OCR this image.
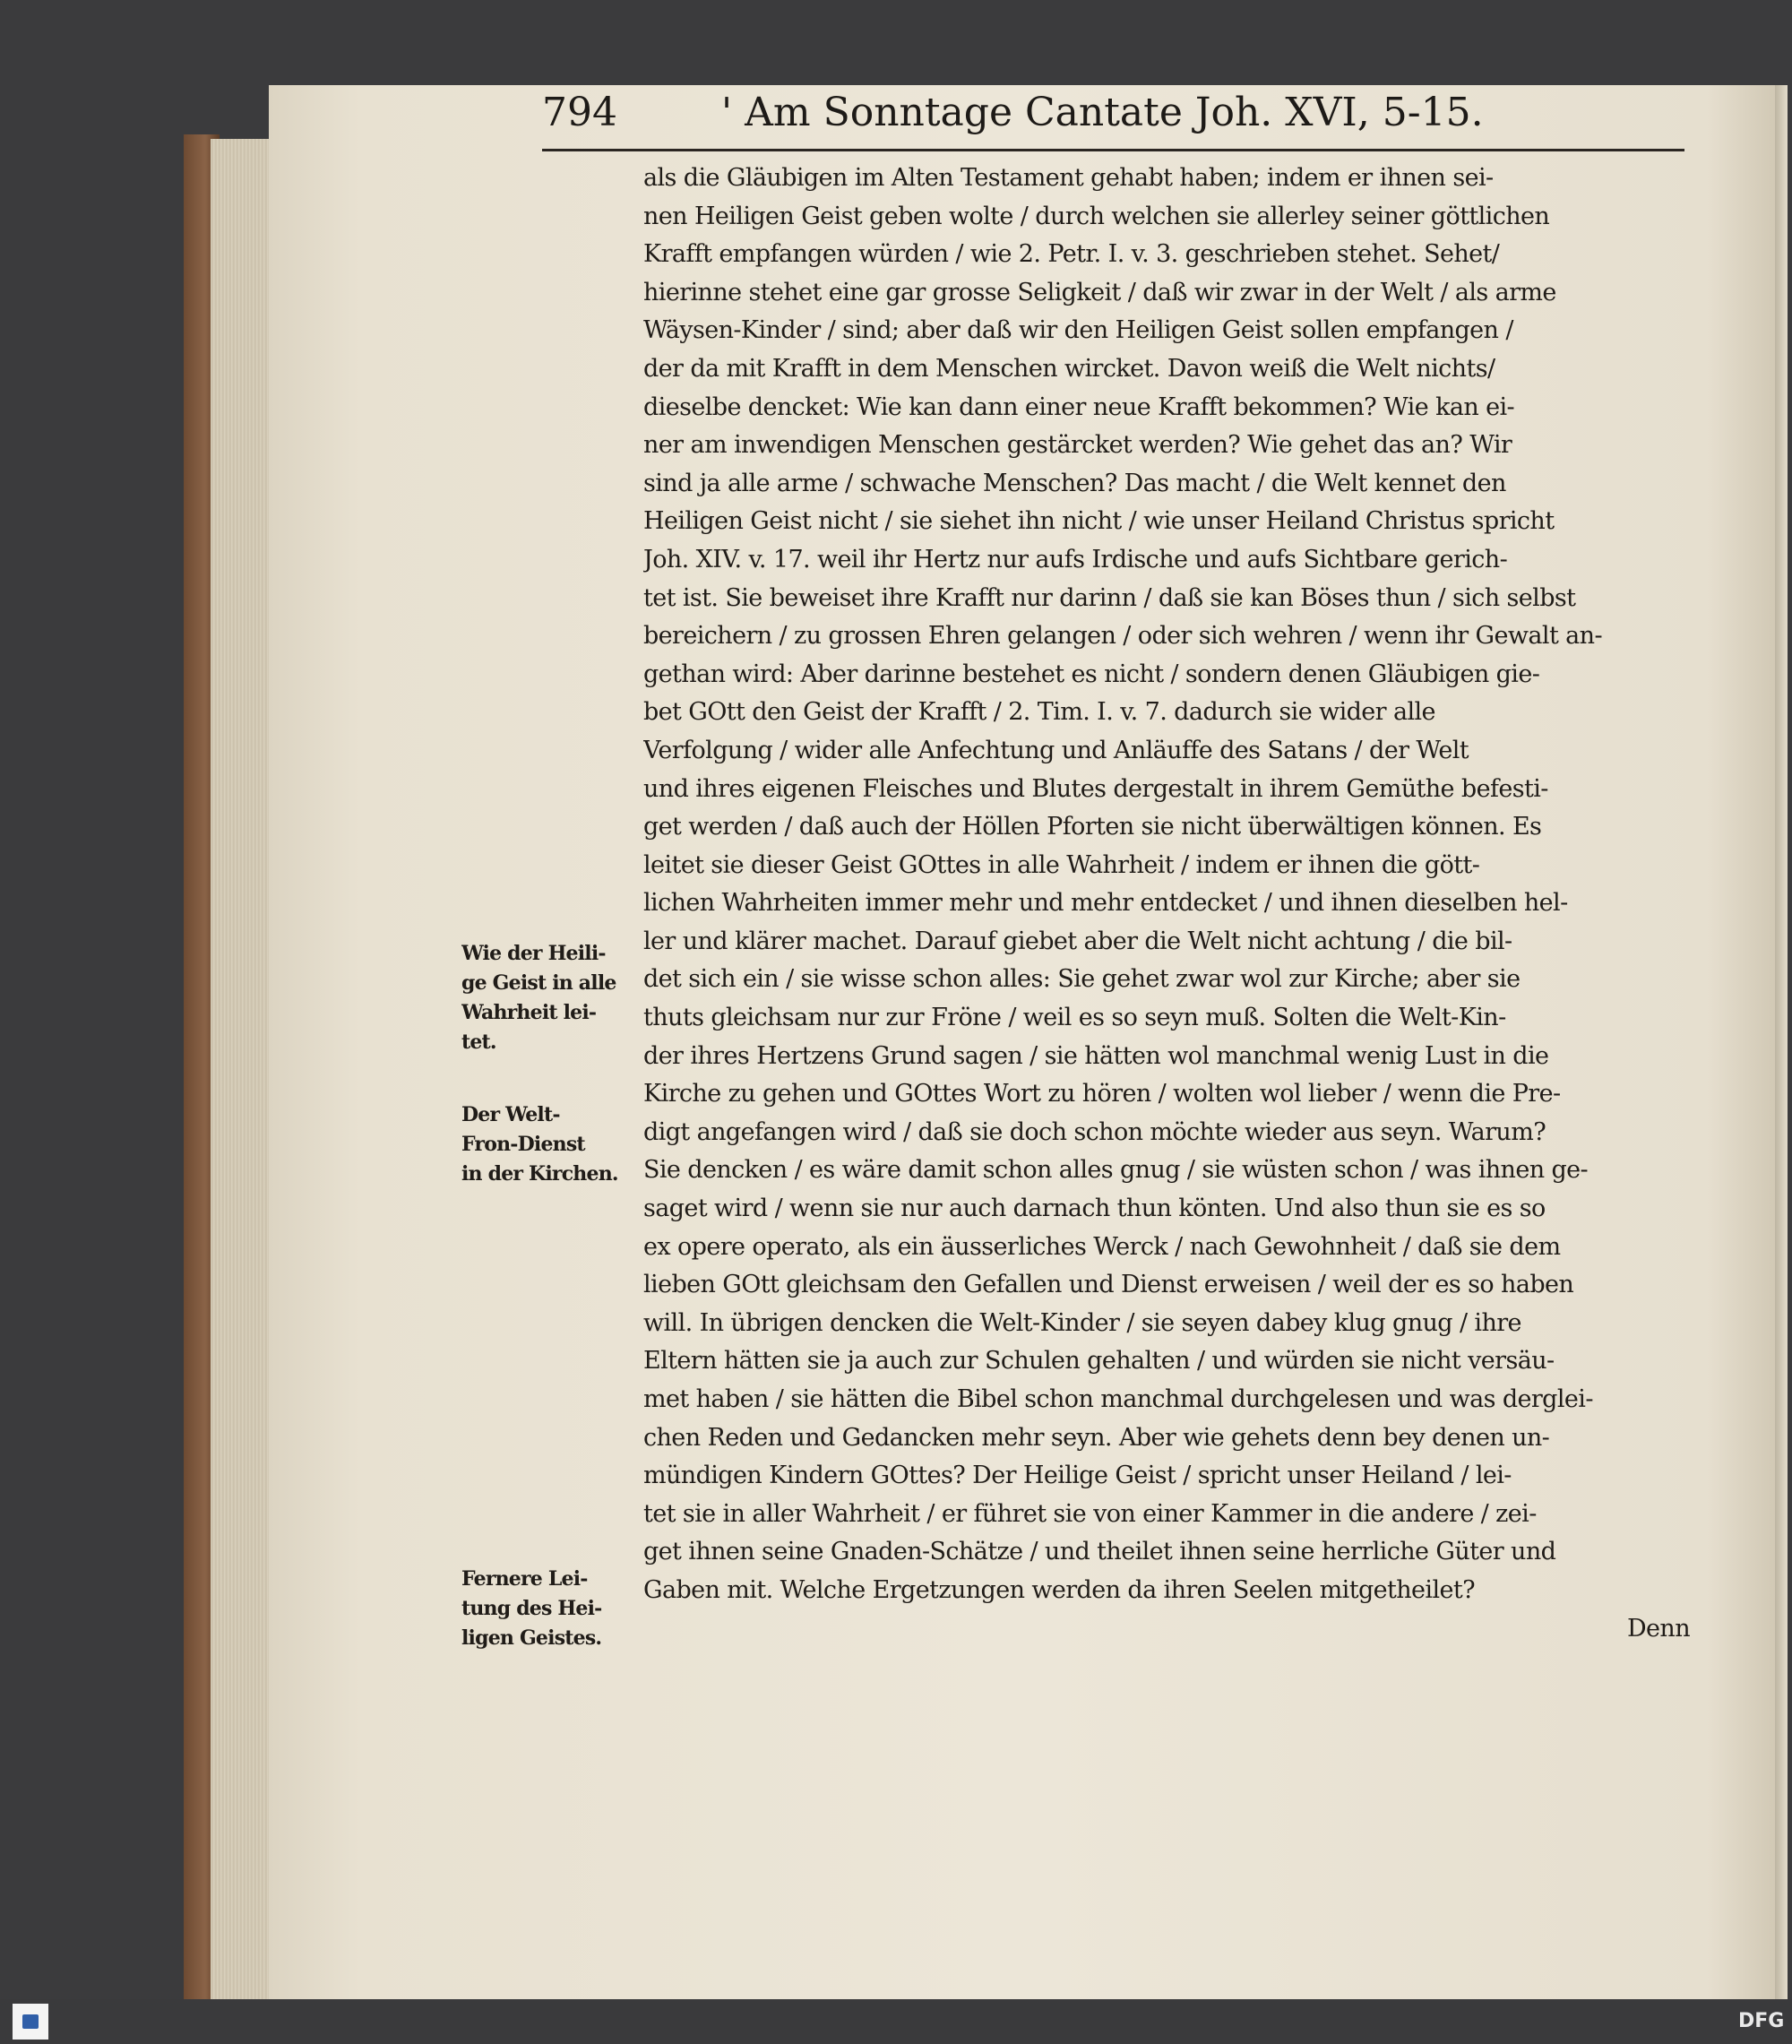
794	' Am Sonntage Cantate Joh. XVI, 5-15.
als die Gläubigen im Alten Testament gehabt haben; indem er ihnen sei-
nen Heiligen Geist geben wolte / durch welchen sie allerley seiner göttlichen
Krafft empfangen würden / wie 2. Petr. I. v. 3. geschrieben stehet. Sehet/
hierinne stehet eine gar grosse Seligkeit / daß wir zwar in der Welt / als arme
Wäysen-Kinder / sind; aber daß wir den Heiligen Geist sollen empfangen /
der da mit Krafft in dem Menschen wircket. Davon weiß die Welt nichts/
dieselbe dencket: Wie kan dann einer neue Krafft bekommen? Wie kan ei-
ner am inwendigen Menschen gestärcket werden? Wie gehet das an? Wir
sind ja alle arme / schwache Menschen? Das macht / die Welt kennet den
Heiligen Geist nicht / sie siehet ihn nicht / wie unser Heiland Christus spricht
Joh. XIV. v. 17. weil ihr Hertz nur aufs Irdische und aufs Sichtbare gerich-
tet ist. Sie beweiset ihre Krafft nur darinn / daß sie kan Böses thun / sich selbst
bereichern / zu grossen Ehren gelangen / oder sich wehren / wenn ihr Gewalt an-
gethan wird: Aber darinne bestehet es nicht / sondern denen Gläubigen gie-
bet GOtt den Geist der Krafft / 2. Tim. I. v. 7. dadurch sie wider alle
Verfolgung / wider alle Anfechtung und Anläuffe des Satans / der Welt
und ihres eigenen Fleisches und Blutes dergestalt in ihrem Gemüthe befesti-
get werden / daß auch der Höllen Pforten sie nicht überwältigen können. Es
leitet sie dieser Geist GOttes in alle Wahrheit / indem er ihnen die gött-
lichen Wahrheiten immer mehr und mehr entdecket / und ihnen dieselben hel-
ler und klärer machet. Darauf giebet aber die Welt nicht achtung / die bil-
det sich ein / sie wisse schon alles: Sie gehet zwar wol zur Kirche; aber sie
thuts gleichsam nur zur Fröne / weil es so seyn muß. Solten die Welt-Kin-
der ihres Hertzens Grund sagen / sie hätten wol manchmal wenig Lust in die
Kirche zu gehen und GOttes Wort zu hören / wolten wol lieber / wenn die Pre-
digt angefangen wird / daß sie doch schon möchte wieder aus seyn. Warum?
Sie dencken / es wäre damit schon alles gnug / sie wüsten schon / was ihnen ge-
saget wird / wenn sie nur auch darnach thun könten. Und also thun sie es so
ex opere operato, als ein äusserliches Werck / nach Gewohnheit / daß sie dem
lieben GOtt gleichsam den Gefallen und Dienst erweisen / weil der es so haben
will. In übrigen dencken die Welt-Kinder / sie seyen dabey klug gnug / ihre
Eltern hätten sie ja auch zur Schulen gehalten / und würden sie nicht versäu-
met haben / sie hätten die Bibel schon manchmal durchgelesen und was derglei-
chen Reden und Gedancken mehr seyn. Aber wie gehets denn bey denen un-
mündigen Kindern GOttes? Der Heilige Geist / spricht unser Heiland / lei-
tet sie in aller Wahrheit / er führet sie von einer Kammer in die andere / zei-
get ihnen seine Gnaden-Schätze / und theilet ihnen seine herrliche Güter und
Gaben mit. Welche Ergetzungen werden da ihren Seelen mitgetheilet?
Denn
Wie der Heili-
ge Geist in alle
Wahrheit lei-
tet.
Der Welt-
Fron-Dienst
in der Kirchen.
Fernere Lei-
tung des Hei-
ligen Geistes.
DFG
